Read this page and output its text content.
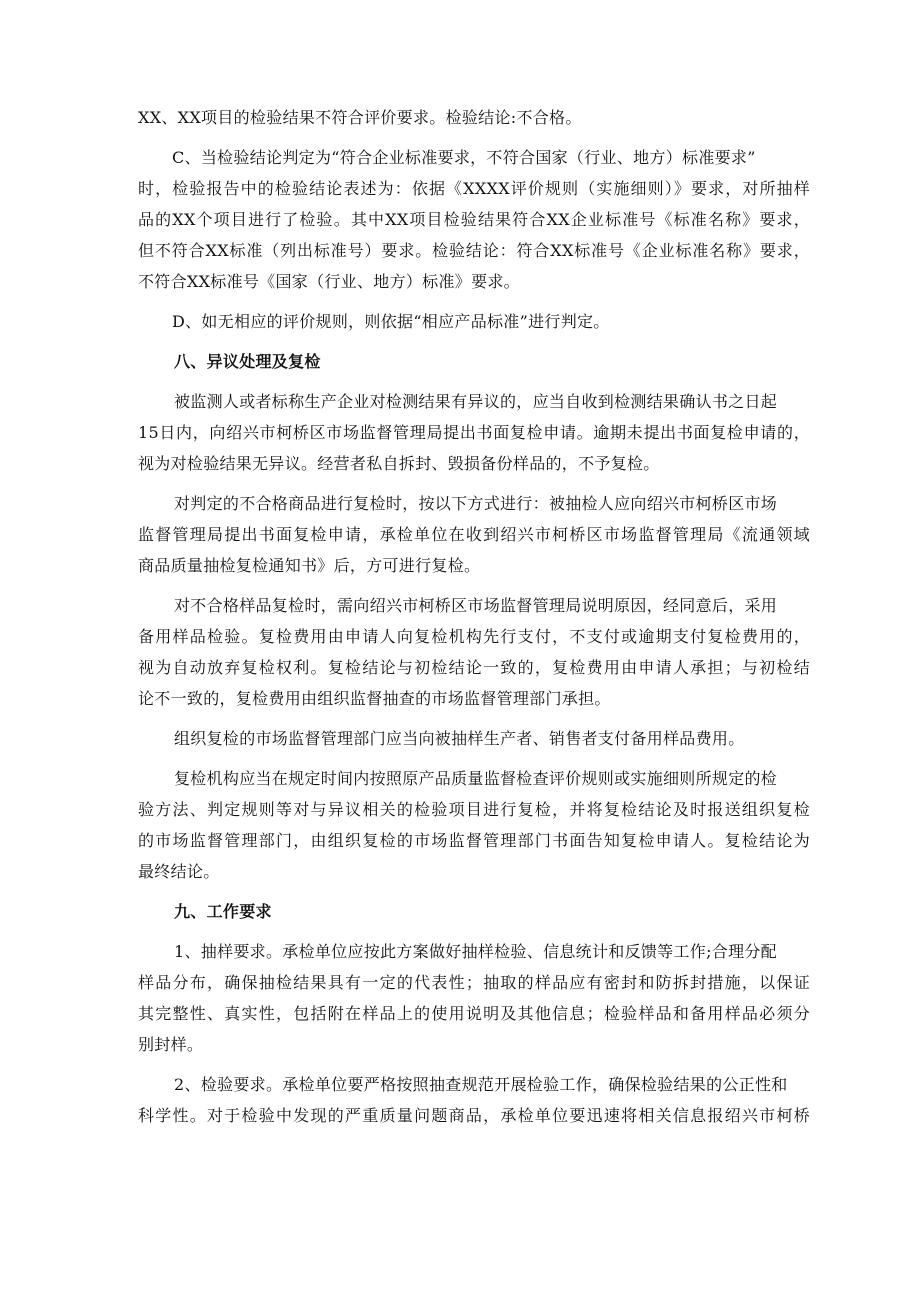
XX、XX项目的检验结果不符合评价要求。检验结论:不合格。
C、当检验结论判定为“符合企业标准要求，不符合国家（行业、地方）标准要求”
时，检验报告中的检验结论表述为：依据《XXXX评价规则（实施细则）》要求，对所抽样
品的XX个项目进行了检验。其中XX项目检验结果符合XX企业标准号《标准名称》要求，
但不符合XX标准（列出标准号）要求。检验结论：符合XX标准号《企业标准名称》要求，
不符合XX标准号《国家（行业、地方）标准》要求。
D、如无相应的评价规则，则依据“相应产品标准”进行判定。
八、异议处理及复检
被监测人或者标称生产企业对检测结果有异议的，应当自收到检测结果确认书之日起
15日内，向绍兴市柯桥区市场监督管理局提出书面复检申请。逾期未提出书面复检申请的，
视为对检验结果无异议。经营者私自拆封、毁损备份样品的，不予复检。
对判定的不合格商品进行复检时，按以下方式进行：被抽检人应向绍兴市柯桥区市场
监督管理局提出书面复检申请，承检单位在收到绍兴市柯桥区市场监督管理局《流通领域
商品质量抽检复检通知书》后，方可进行复检。
对不合格样品复检时，需向绍兴市柯桥区市场监督管理局说明原因，经同意后，采用
备用样品检验。复检费用由申请人向复检机构先行支付，不支付或逾期支付复检费用的，
视为自动放弃复检权利。复检结论与初检结论一致的，复检费用由申请人承担；与初检结
论不一致的，复检费用由组织监督抽查的市场监督管理部门承担。
组织复检的市场监督管理部门应当向被抽样生产者、销售者支付备用样品费用。
复检机构应当在规定时间内按照原产品质量监督检查评价规则或实施细则所规定的检
验方法、判定规则等对与异议相关的检验项目进行复检，并将复检结论及时报送组织复检
的市场监督管理部门，由组织复检的市场监督管理部门书面告知复检申请人。复检结论为
最终结论。
九、工作要求
1、抽样要求。承检单位应按此方案做好抽样检验、信息统计和反馈等工作;合理分配
样品分布，确保抽检结果具有一定的代表性；抽取的样品应有密封和防拆封措施，以保证
其完整性、真实性，包括附在样品上的使用说明及其他信息；检验样品和备用样品必须分
别封样。
2、检验要求。承检单位要严格按照抽查规范开展检验工作，确保检验结果的公正性和
科学性。对于检验中发现的严重质量问题商品，承检单位要迅速将相关信息报绍兴市柯桥
